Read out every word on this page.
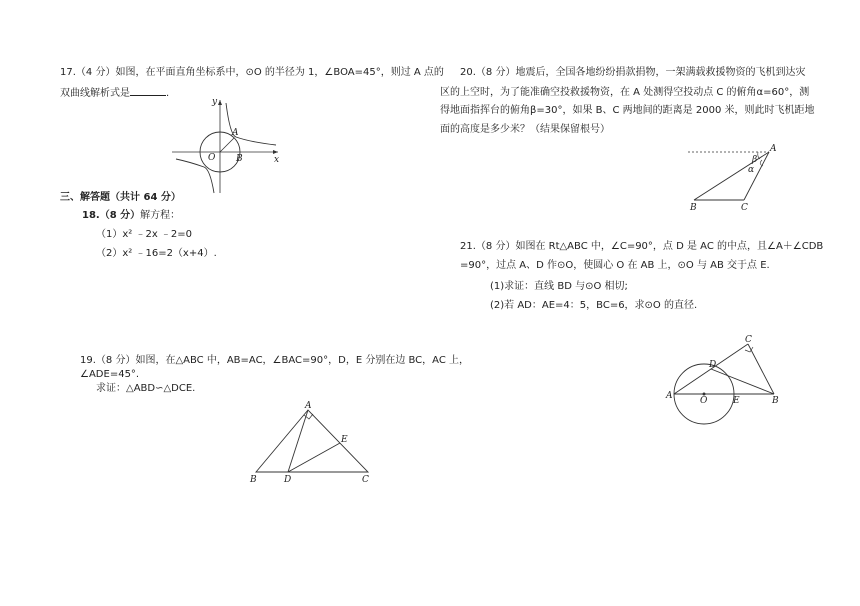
17.（4 分）如图，在平面直角坐标系中，⊙O 的半径为 1，∠BOA=45°，则过 A 点的
双曲线解析式是	.
y
x
O
A
B
三、解答题（共计 64 分）
18.（8 分）解方程：
（1）x² ﹣2x ﹣2=0
（2）x² ﹣16=2（x+4）.
19.（8 分）如图，在△ABC 中，AB=AC，∠BAC=90°，D，E 分别在边 BC，AC 上，
∠ADE=45°.
求证：△ABD∽△DCE.
A
B	C
D
E
20.（8 分）地震后，全国各地纷纷捐款捐物，一架满载救援物资的飞机到达灾
区的上空时，为了能准确空投救援物资，在 A 处测得空投动点 C 的俯角α=60°，测
得地面指挥台的俯角β=30°，如果 B、C 两地间的距离是 2000 米，则此时飞机距地
面的高度是多少米？（结果保留根号）
A
B	C
β
α
21.（8 分）如图在 Rt△ABC 中，∠C=90°，点 D 是 AC 的中点，且∠A＋∠CDB
=90°，过点 A、D 作⊙O，使圆心 O 在 AB 上，⊙O 与 AB 交于点 E.
(1)求证：直线 BD 与⊙O 相切;
(2)若 AD：AE=4：5，BC=6，求⊙O 的直径.
A	B
C
D
E
O
